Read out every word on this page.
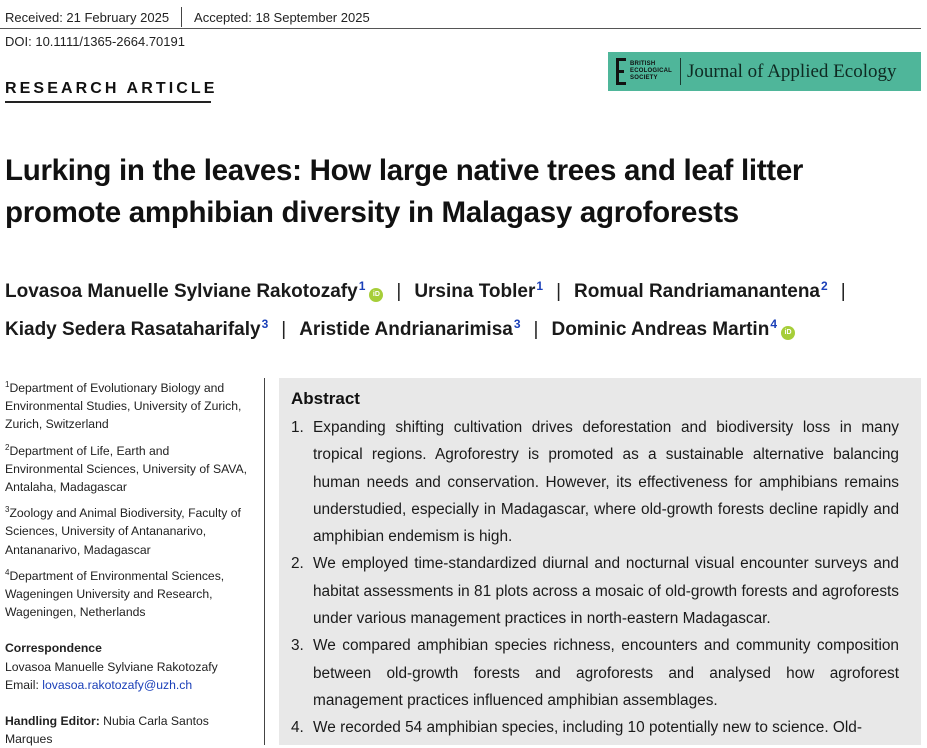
Received: 21 February 2025 Accepted: 18 September 2025
DOI: 10.1111/1365-2664.70191
BRITISH
ECOLOGICAL
SOCIETY	Journal of Applied Ecology
RESEARCH ARTICLE
Lurking in the leaves: How large native trees and leaf litter promote amphibian diversity in Malagasy agroforests
Lovasoa Manuelle Sylviane Rakotozafy$^1$iD | Ursina Tobler$^1$ | Romual Randriamanantena$^2$ |
Kiady Sedera Rasataharifaly$^3$ | Aristide Andrianarimisa$^3$ | Dominic Andreas Martin$^4$iD
$^1$Department of Evolutionary Biology and Environmental Studies, University of Zurich, Zurich, Switzerland
$^2$Department of Life, Earth and Environmental Sciences, University of SAVA, Antalaha, Madagascar
$^3$Zoology and Animal Biodiversity, Faculty of Sciences, University of Antananarivo, Antananarivo, Madagascar
$^4$Department of Environmental Sciences, Wageningen University and Research, Wageningen, Netherlands
Correspondence
Lovasoa Manuelle Sylviane Rakotozafy
Email: lovasoa.rakotozafy@uzh.ch
Handling Editor: Nubia Carla Santos Marques
Abstract
1. Expanding shifting cultivation drives deforestation and biodiversity loss in many tropical regions. Agroforestry is promoted as a sustainable alternative balancing human needs and conservation. However, its effectiveness for amphibians remains understudied, especially in Madagascar, where old-growth forests decline rapidly and amphibian endemism is high.
2. We employed time-standardized diurnal and nocturnal visual encounter surveys and habitat assessments in 81 plots across a mosaic of old-growth forests and agroforests under various management practices in north-eastern Madagascar.
3. We compared amphibian species richness, encounters and community composition between old-growth forests and agroforests and analysed how agroforest management practices influenced amphibian assemblages.
4. We recorded 54 amphibian species, including 10 potentially new to science. Old-
